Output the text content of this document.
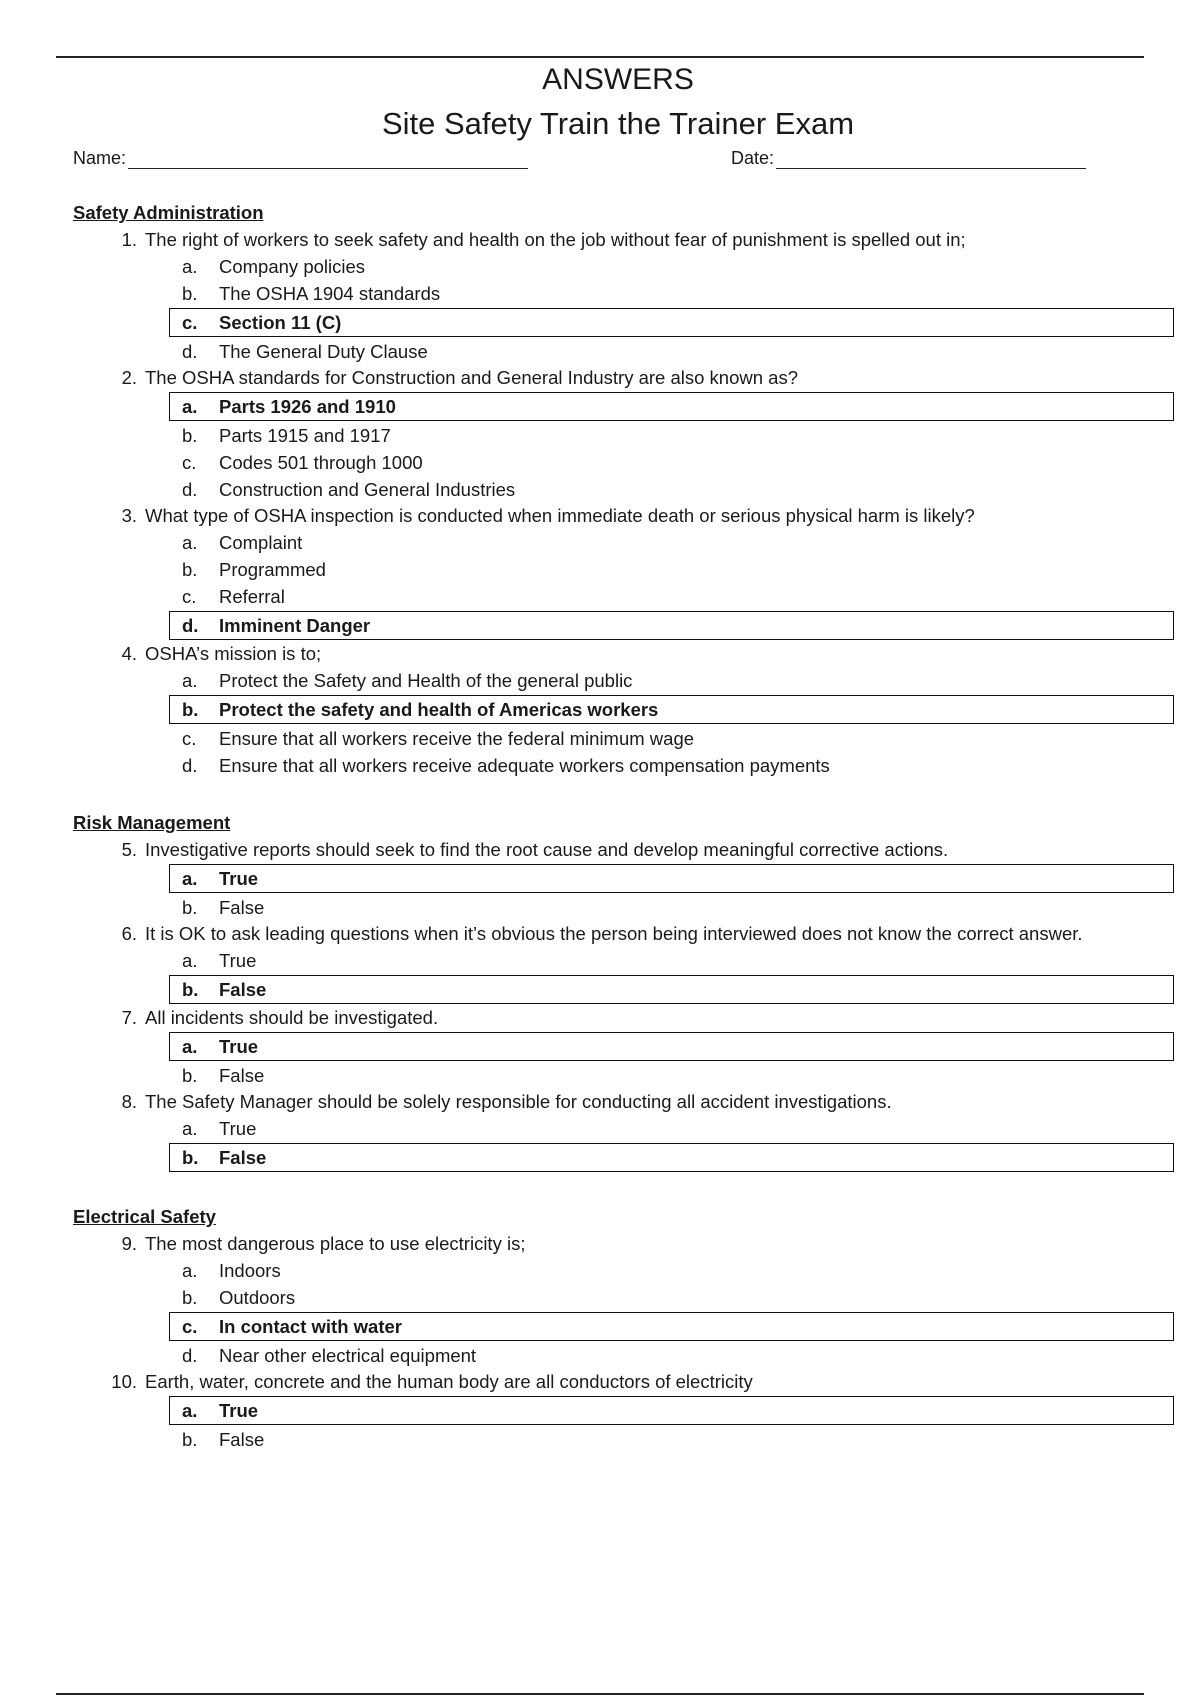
ANSWERS
Site Safety Train the Trainer Exam
Name:	Date:
Safety Administration
1. The right of workers to seek safety and health on the job without fear of punishment is spelled out in;
a. Company policies
b. The OSHA 1904 standards
c. Section 11 (C)
d. The General Duty Clause
2. The OSHA standards for Construction and General Industry are also known as?
a. Parts 1926 and 1910
b. Parts 1915 and 1917
c. Codes 501 through 1000
d. Construction and General Industries
3. What type of OSHA inspection is conducted when immediate death or serious physical harm is likely?
a. Complaint
b. Programmed
c. Referral
d. Imminent Danger
4. OSHA’s mission is to;
a. Protect the Safety and Health of the general public
b. Protect the safety and health of Americas workers
c. Ensure that all workers receive the federal minimum wage
d. Ensure that all workers receive adequate workers compensation payments
Risk Management
5. Investigative reports should seek to find the root cause and develop meaningful corrective actions.
a. True
b. False
6. It is OK to ask leading questions when it’s obvious the person being interviewed does not know the correct answer.
a. True
b. False
7. All incidents should be investigated.
a. True
b. False
8. The Safety Manager should be solely responsible for conducting all accident investigations.
a. True
b. False
Electrical Safety
9. The most dangerous place to use electricity is;
a. Indoors
b. Outdoors
c. In contact with water
d. Near other electrical equipment
10. Earth, water, concrete and the human body are all conductors of electricity
a. True
b. False
